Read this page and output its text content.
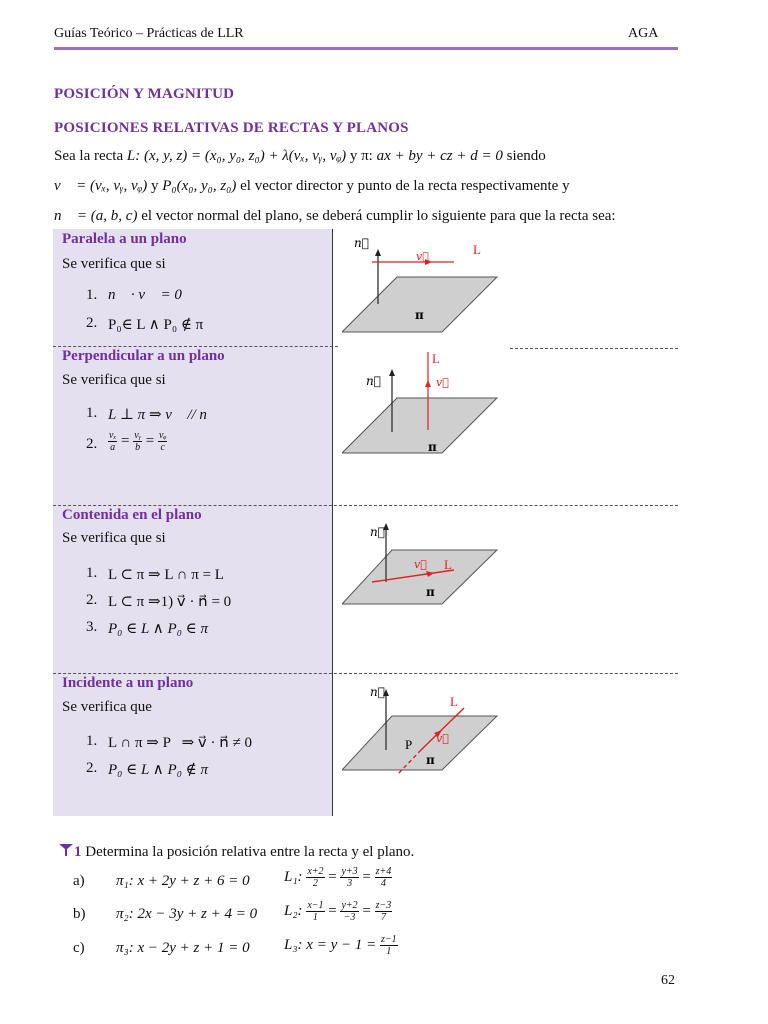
Guías Teórico – Prácticas de LLR	AGA
POSICIÓN Y MAGNITUD
POSICIONES RELATIVAS DE RECTAS Y PLANOS
Sea la recta L: (x, y, z) = (x₀, y₀, z₀) + λ(vₓ, vᵧ, vᵩ) y π: ax + by + cz + d = 0 siendo
v⃗ = (vₓ, vᵧ, vᵩ) y P₀(x₀, y₀, z₀) el vector director y punto de la recta respectivamente y
n⃗ = (a, b, c) el vector normal del plano, se deberá cumplir lo siguiente para que la recta sea:
Paralela a un plano
Se verifica que si
1. n⃗ · v⃗ = 0
2. P₀∈ L ∧ P₀ ∉ π
Perpendicular a un plano
Se verifica que si
1. L ⊥ π ⇒ v⃗ // n⃗
2. $\frac{\text{vₓ}}{a} = \frac{\text{vᵧ}}{b} = \frac{\text{vᵩ}}{c}$
Contenida en el plano
Se verifica que si
1. L ⊂ π ⇒ L ∩ π = L
2. L ⊂ π ⇒1) v⃗ · n⃗ = 0
3. P₀ ∈ L ∧ P₀ ∈ π
Incidente a un plano
Se verifica que
1. L ∩ π ⇒ P   ⇒ v⃗ · n⃗ ≠ 0
2. P₀ ∈ L ∧ P₀ ∉ π
n⃗
v⃗	L
π
n⃗	v⃗
L
π
n⃗
v⃗ L
π
n⃗
v⃗
L
P
π
1 Determina la posición relativa entre la recta y el plano.
a) π₁: x + 2y + z + 6 = 0 L₁: $\frac{x+2}{2} = \frac{y+3}{3} = \frac{z+4}{4}$
b) π₂: 2x − 3y + z + 4 = 0 L₂: $\frac{x-1}{1} = \frac{y+2}{-3} = \frac{z-3}{7}$
c) π₃: x − 2y + z + 1 = 0 L₃: $x = y - 1 = \frac{z-1}{1}$
62
